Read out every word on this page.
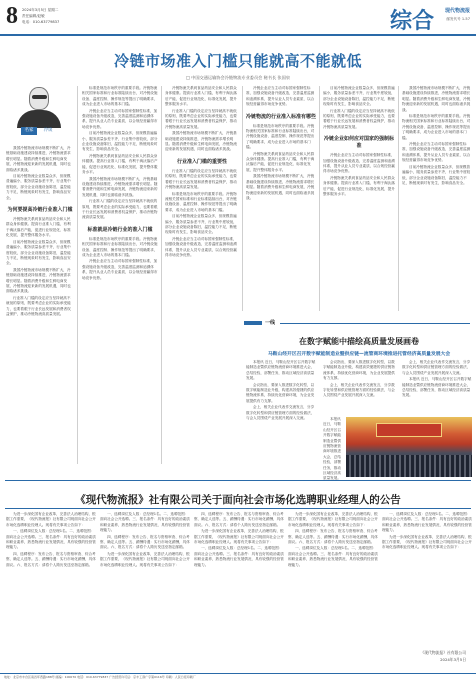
8 2024年3月5日 星期二
责任编辑/赵敏
电话：010-63779837	综合	现代物流报
邮发代号 1-57
冷链市场准入门槛只能就高不能就低
□ 中国交通运输协会冷链物流专业委员会 秘书长 张国泉
名家	冷谈

我国冷链物流市场规模不断扩大，冷链基础设施建设持续推进，冷链物流需求增长明显。随着消费升级和生鲜电商发展，冷链物流迎来新的发展机遇，同时也面临诸多挑战。

目前冷链物流企业数量众多，但规模普遍偏小，服务质量参差不齐，行业集中度较低，部分企业设施设备陈旧，温控能力不足，断链现象时有发生，影响食品安全。

为何要提高冷链行业准入门槛

冷链物流关系到食品药品安全和人民群众身体健康。提高行业准入门槛，有利于淘汰落后产能，促进行业规范化、标准化发展，提升整体服务水平。

目前冷链物流企业数量众多，但规模普遍偏小，服务质量参差不齐，行业集中度较低，部分企业设施设备陈旧，温控能力不足，断链现象时有发生，影响食品安全。

我国冷链物流市场规模不断扩大，冷链基础设施建设持续推进，冷链物流需求增长明显。随着消费升级和生鲜电商发展，冷链物流迎来新的发展机遇，同时也面临诸多挑战。

行业准入门槛的设定应当坚持就高不就低的原则，既要考虑企业的实际承受能力，也要着眼于行业长远发展和消费者权益保护，推动冷链物流高质量发展。

标准是规范市场秩序的重要手段。冷链物流相关国家标准和行业标准陆续出台，对冷链设施设备、温度控制、操作规范等提出了明确要求，成为企业进入市场的基本门槛。

冷链企业应当主动对标国家强制性标准，加强设施设备升级改造，完善温度监测和追溯体系，提升从业人员专业素质，以合规经营赢得市场竞争优势。

目前冷链物流企业数量众多，但规模普遍偏小，服务质量参差不齐，行业集中度较低，部分企业设施设备陈旧，温控能力不足，断链现象时有发生，影响食品安全。

冷链物流关系到食品药品安全和人民群众身体健康。提高行业准入门槛，有利于淘汰落后产能，促进行业规范化、标准化发展，提升整体服务水平。

我国冷链物流市场规模不断扩大，冷链基础设施建设持续推进，冷链物流需求增长明显。随着消费升级和生鲜电商发展，冷链物流迎来新的发展机遇，同时也面临诸多挑战。

行业准入门槛的设定应当坚持就高不就低的原则，既要考虑企业的实际承受能力，也要着眼于行业长远发展和消费者权益保护，推动冷链物流高质量发展。

标准就是冷链行业的准入门槛

标准是规范市场秩序的重要手段。冷链物流相关国家标准和行业标准陆续出台，对冷链设施设备、温度控制、操作规范等提出了明确要求，成为企业进入市场的基本门槛。

冷链企业应当主动对标国家强制性标准，加强设施设备升级改造，完善温度监测和追溯体系，提升从业人员专业素质，以合规经营赢得市场竞争优势。

冷链物流关系到食品药品安全和人民群众身体健康。提高行业准入门槛，有利于淘汰落后产能，促进行业规范化、标准化发展，提升整体服务水平。

行业准入门槛的设定应当坚持就高不就低的原则，既要考虑企业的实际承受能力，也要着眼于行业长远发展和消费者权益保护，推动冷链物流高质量发展。

我国冷链物流市场规模不断扩大，冷链基础设施建设持续推进，冷链物流需求增长明显。随着消费升级和生鲜电商发展，冷链物流迎来新的发展机遇，同时也面临诸多挑战。

行业准入门槛的重要性

行业准入门槛的设定应当坚持就高不就低的原则，既要考虑企业的实际承受能力，也要着眼于行业长远发展和消费者权益保护，推动冷链物流高质量发展。

标准是规范市场秩序的重要手段。冷链物流相关国家标准和行业标准陆续出台，对冷链设施设备、温度控制、操作规范等提出了明确要求，成为企业进入市场的基本门槛。

目前冷链物流企业数量众多，但规模普遍偏小，服务质量参差不齐，行业集中度较低，部分企业设施设备陈旧，温控能力不足，断链现象时有发生，影响食品安全。

冷链企业应当主动对标国家强制性标准，加强设施设备升级改造，完善温度监测和追溯体系，提升从业人员专业素质，以合规经营赢得市场竞争优势。

冷链企业应当主动对标国家强制性标准，加强设施设备升级改造，完善温度监测和追溯体系，提升从业人员专业素质，以合规经营赢得市场竞争优势。

冷链物流的行业准入标准有哪些

标准是规范市场秩序的重要手段。冷链物流相关国家标准和行业标准陆续出台，对冷链设施设备、温度控制、操作规范等提出了明确要求，成为企业进入市场的基本门槛。

冷链物流关系到食品药品安全和人民群众身体健康。提高行业准入门槛，有利于淘汰落后产能，促进行业规范化、标准化发展，提升整体服务水平。

我国冷链物流市场规模不断扩大，冷链基础设施建设持续推进，冷链物流需求增长明显。随着消费升级和生鲜电商发展，冷链物流迎来新的发展机遇，同时也面临诸多挑战。

目前冷链物流企业数量众多，但规模普遍偏小，服务质量参差不齐，行业集中度较低，部分企业设施设备陈旧，温控能力不足，断链现象时有发生，影响食品安全。

行业准入门槛的设定应当坚持就高不就低的原则，既要考虑企业的实际承受能力，也要着眼于行业长远发展和消费者权益保护，推动冷链物流高质量发展。

冷链企业如何应对国家的强制标准

冷链企业应当主动对标国家强制性标准，加强设施设备升级改造，完善温度监测和追溯体系，提升从业人员专业素质，以合规经营赢得市场竞争优势。

冷链物流关系到食品药品安全和人民群众身体健康。提高行业准入门槛，有利于淘汰落后产能，促进行业规范化、标准化发展，提升整体服务水平。

我国冷链物流市场规模不断扩大，冷链基础设施建设持续推进，冷链物流需求增长明显。随着消费升级和生鲜电商发展，冷链物流迎来新的发展机遇，同时也面临诸多挑战。

标准是规范市场秩序的重要手段。冷链物流相关国家标准和行业标准陆续出台，对冷链设施设备、温度控制、操作规范等提出了明确要求，成为企业进入市场的基本门槛。

冷链企业应当主动对标国家强制性标准，加强设施设备升级改造，完善温度监测和追溯体系，提升从业人员专业素质，以合规经营赢得市场竞争优势。

目前冷链物流企业数量众多，但规模普遍偏小，服务质量参差不齐，行业集中度较低，部分企业设施设备陈旧，温控能力不足，断链现象时有发生，影响食品安全。

一线
在数字赋能中描绘高质量发展画卷
马鞍山经开区召开数字赋能制造业暨供应链—流管商环境推进托管经济高质量发展大会

本报讯 近日，马鞍山经开区召开数字赋能制造业暨供应链物流营商环境推进大会，总结经验，部署任务，推动区域经济高质量发展。

会议指出，要深入推进数字化转型，以数字赋能制造业升级，构建高效便捷的供应链物流体系，持续优化营商环境，为企业发展提供有力支撑。

会上，相关企业代表作交流发言，分享数字化转型和供应链管理方面的经验做法，与会人员围绕产业发展开展深入交流。

会议指出，要深入推进数字化转型，以数字赋能制造业升级，构建高效便捷的供应链物流体系，持续优化营商环境，为企业发展提供有力支撑。

会上，相关企业代表作交流发言，分享数字化转型和供应链管理方面的经验做法，与会人员围绕产业发展开展深入交流。

会上，相关企业代表作交流发言，分享数字化转型和供应链管理方面的经验做法，与会人员围绕产业发展开展深入交流。

本报讯 近日，马鞍山经开区召开数字赋能制造业暨供应链物流营商环境推进大会，总结经验，部署任务，推动区域经济高质量发展。

本报讯 近日，马鞍山经开区召开数字赋能制造业暨供应链物流营商环境推进大会，总结经验，部署任务，推动区域经济高质量发展。

《现代物流报》社有限公司关于面向社会市场化选聘职业经理人的公告

为进一步深化国有企业改革，完善法人治理结构，根据工作需要，《现代物流报》社有限公司现面向社会公开市场化选聘职业经理人。现将有关事项公告如下：

一、选聘岗位及人数：总经理1名。二、选聘范围：面向社会公开选聘。三、报名条件：具有良好的政治素质和职业素养，熟悉物流行业发展情况，具有较强的经营管理能力。

四、选聘程序：发布公告、报名与资格审查、综合考察、确定人选等。五、薪酬待遇：实行市场化薪酬，具体面议。六、报名方式：请将个人简历发送至指定邮箱。

一、选聘岗位及人数：总经理1名。二、选聘范围：面向社会公开选聘。三、报名条件：具有良好的政治素质和职业素养，熟悉物流行业发展情况，具有较强的经营管理能力。

四、选聘程序：发布公告、报名与资格审查、综合考察、确定人选等。五、薪酬待遇：实行市场化薪酬，具体面议。六、报名方式：请将个人简历发送至指定邮箱。

为进一步深化国有企业改革，完善法人治理结构，根据工作需要，《现代物流报》社有限公司现面向社会公开市场化选聘职业经理人。现将有关事项公告如下：

四、选聘程序：发布公告、报名与资格审查、综合考察、确定人选等。五、薪酬待遇：实行市场化薪酬，具体面议。六、报名方式：请将个人简历发送至指定邮箱。

为进一步深化国有企业改革，完善法人治理结构，根据工作需要，《现代物流报》社有限公司现面向社会公开市场化选聘职业经理人。现将有关事项公告如下：

一、选聘岗位及人数：总经理1名。二、选聘范围：面向社会公开选聘。三、报名条件：具有良好的政治素质和职业素养，熟悉物流行业发展情况，具有较强的经营管理能力。

为进一步深化国有企业改革，完善法人治理结构，根据工作需要，《现代物流报》社有限公司现面向社会公开市场化选聘职业经理人。现将有关事项公告如下：

四、选聘程序：发布公告、报名与资格审查、综合考察、确定人选等。五、薪酬待遇：实行市场化薪酬，具体面议。六、报名方式：请将个人简历发送至指定邮箱。

一、选聘岗位及人数：总经理1名。二、选聘范围：面向社会公开选聘。三、报名条件：具有良好的政治素质和职业素养，熟悉物流行业发展情况，具有较强的经营管理能力。

一、选聘岗位及人数：总经理1名。二、选聘范围：面向社会公开选聘。三、报名条件：具有良好的政治素质和职业素养，熟悉物流行业发展情况，具有较强的经营管理能力。

为进一步深化国有企业改革，完善法人治理结构，根据工作需要，《现代物流报》社有限公司现面向社会公开市场化选聘职业经理人。现将有关事项公告如下：

《现代物流报》社有限公司
2024年3月5日
地址：北京市丰台区南四环西路188号 邮编：100070 电话：010-63779837 广告经营许可证：京丰工商广字第0116号 印刷：人民日报印刷厂
